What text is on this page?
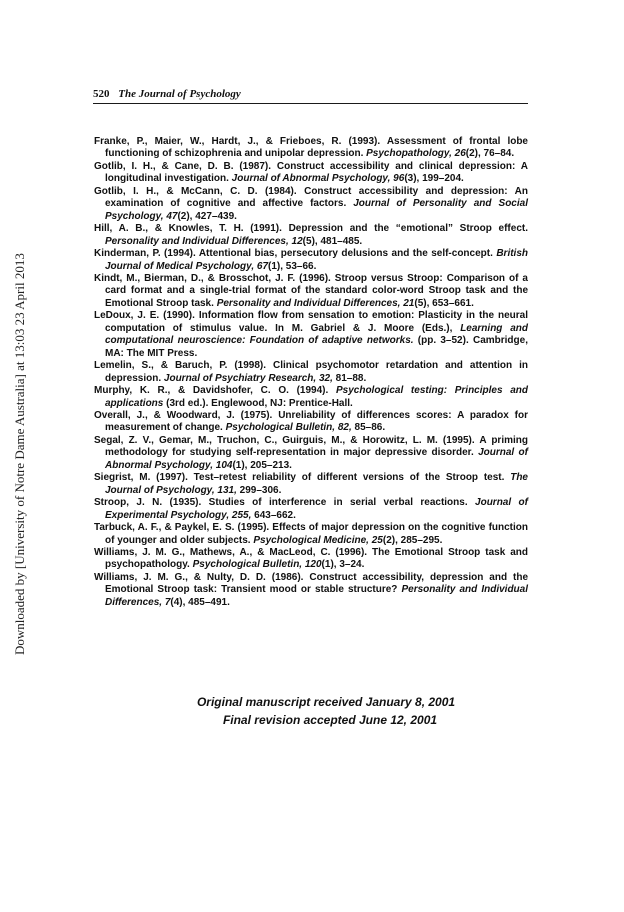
520 The Journal of Psychology
Downloaded by [University of Notre Dame Australia] at 13:03 23 April 2013
Franke, P., Maier, W., Hardt, J., & Frieboes, R. (1993). Assessment of frontal lobe functioning of schizophrenia and unipolar depression. Psychopathology, 26(2), 76–84.
Gotlib, I. H., & Cane, D. B. (1987). Construct accessibility and clinical depression: A longitudinal investigation. Journal of Abnormal Psychology, 96(3), 199–204.
Gotlib, I. H., & McCann, C. D. (1984). Construct accessibility and depression: An examination of cognitive and affective factors. Journal of Personality and Social Psychology, 47(2), 427–439.
Hill, A. B., & Knowles, T. H. (1991). Depression and the “emotional” Stroop effect. Personality and Individual Differences, 12(5), 481–485.
Kinderman, P. (1994). Attentional bias, persecutory delusions and the self-concept. British Journal of Medical Psychology, 67(1), 53–66.
Kindt, M., Bierman, D., & Brosschot, J. F. (1996). Stroop versus Stroop: Comparison of a card format and a single-trial format of the standard color-word Stroop task and the Emotional Stroop task. Personality and Individual Differences, 21(5), 653–661.
LeDoux, J. E. (1990). Information flow from sensation to emotion: Plasticity in the neural computation of stimulus value. In M. Gabriel & J. Moore (Eds.), Learning and computational neuroscience: Foundation of adaptive networks. (pp. 3–52). Cambridge, MA: The MIT Press.
Lemelin, S., & Baruch, P. (1998). Clinical psychomotor retardation and attention in depression. Journal of Psychiatry Research, 32, 81–88.
Murphy, K. R., & Davidshofer, C. O. (1994). Psychological testing: Principles and applications (3rd ed.). Englewood, NJ: Prentice-Hall.
Overall, J., & Woodward, J. (1975). Unreliability of differences scores: A paradox for measurement of change. Psychological Bulletin, 82, 85–86.
Segal, Z. V., Gemar, M., Truchon, C., Guirguis, M., & Horowitz, L. M. (1995). A priming methodology for studying self-representation in major depressive disorder. Journal of Abnormal Psychology, 104(1), 205–213.
Siegrist, M. (1997). Test–retest reliability of different versions of the Stroop test. The Journal of Psychology, 131, 299–306.
Stroop, J. N. (1935). Studies of interference in serial verbal reactions. Journal of Experimental Psychology, 255, 643–662.
Tarbuck, A. F., & Paykel, E. S. (1995). Effects of major depression on the cognitive function of younger and older subjects. Psychological Medicine, 25(2), 285–295.
Williams, J. M. G., Mathews, A., & MacLeod, C. (1996). The Emotional Stroop task and psychopathology. Psychological Bulletin, 120(1), 3–24.
Williams, J. M. G., & Nulty, D. D. (1986). Construct accessibility, depression and the Emotional Stroop task: Transient mood or stable structure? Personality and Individual Differences, 7(4), 485–491.
Original manuscript received January 8, 2001
Final revision accepted June 12, 2001
